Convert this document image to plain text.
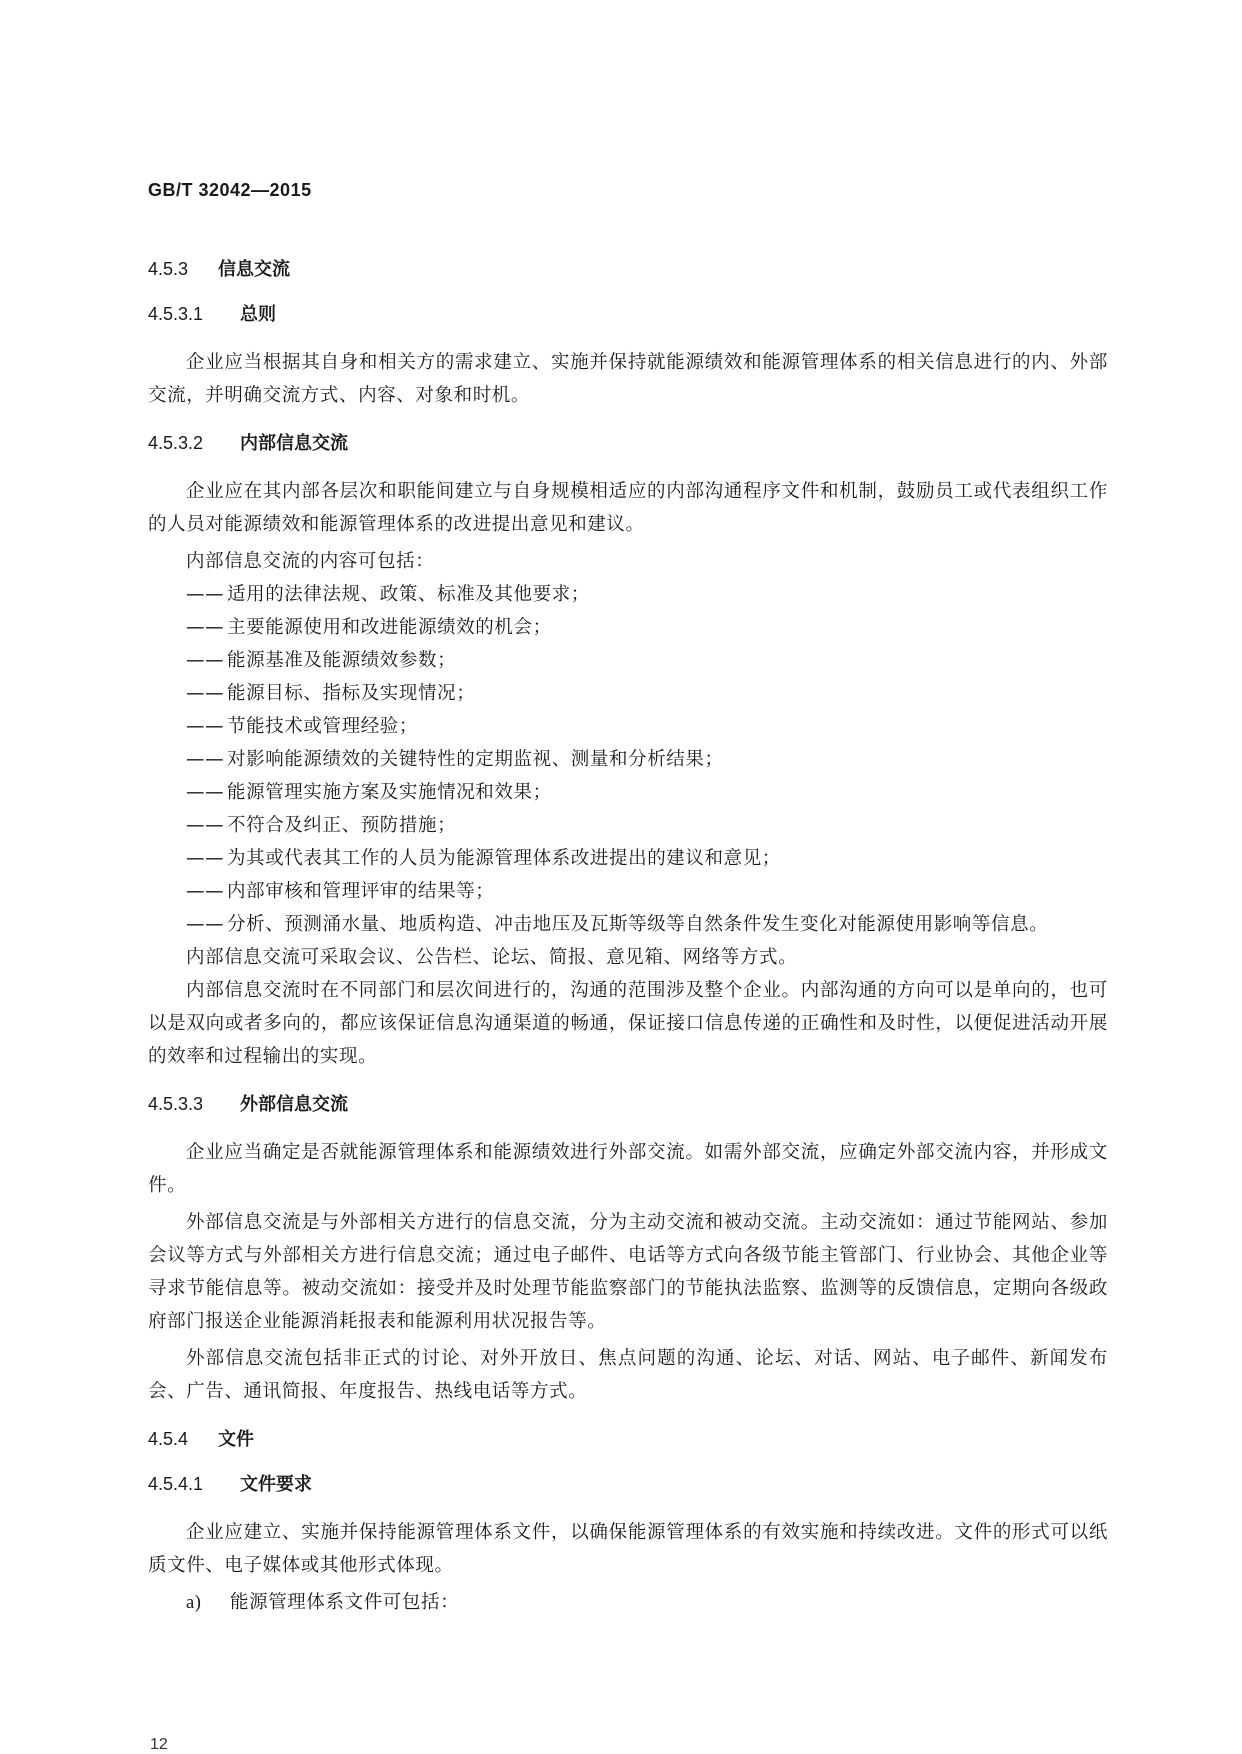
GB/T 32042—2015
4.5.3 信息交流
4.5.3.1 总则

企业应当根据其自身和相关方的需求建立、实施并保持就能源绩效和能源管理体系的相关信息进行的内、外部交流，并明确交流方式、内容、对象和时机。

4.5.3.2 内部信息交流

企业应在其内部各层次和职能间建立与自身规模相适应的内部沟通程序文件和机制，鼓励员工或代表组织工作的人员对能源绩效和能源管理体系的改进提出意见和建议。

内部信息交流的内容可包括：

—— 适用的法律法规、政策、标准及其他要求；
—— 主要能源使用和改进能源绩效的机会；
—— 能源基准及能源绩效参数；
—— 能源目标、指标及实现情况；
—— 节能技术或管理经验；
—— 对影响能源绩效的关键特性的定期监视、测量和分析结果；
—— 能源管理实施方案及实施情况和效果；
—— 不符合及纠正、预防措施；
—— 为其或代表其工作的人员为能源管理体系改进提出的建议和意见；
—— 内部审核和管理评审的结果等；
—— 分析、预测涌水量、地质构造、冲击地压及瓦斯等级等自然条件发生变化对能源使用影响等信息。

内部信息交流可采取会议、公告栏、论坛、简报、意见箱、网络等方式。

内部信息交流时在不同部门和层次间进行的，沟通的范围涉及整个企业。内部沟通的方向可以是单向的，也可以是双向或者多向的，都应该保证信息沟通渠道的畅通，保证接口信息传递的正确性和及时性，以便促进活动开展的效率和过程输出的实现。

4.5.3.3 外部信息交流

企业应当确定是否就能源管理体系和能源绩效进行外部交流。如需外部交流，应确定外部交流内容，并形成文件。

外部信息交流是与外部相关方进行的信息交流，分为主动交流和被动交流。主动交流如：通过节能网站、参加会议等方式与外部相关方进行信息交流；通过电子邮件、电话等方式向各级节能主管部门、行业协会、其他企业等寻求节能信息等。被动交流如：接受并及时处理节能监察部门的节能执法监察、监测等的反馈信息，定期向各级政府部门报送企业能源消耗报表和能源利用状况报告等。

外部信息交流包括非正式的讨论、对外开放日、焦点问题的沟通、论坛、对话、网站、电子邮件、新闻发布会、广告、通讯简报、年度报告、热线电话等方式。

4.5.4 文件
4.5.4.1 文件要求

企业应建立、实施并保持能源管理体系文件，以确保能源管理体系的有效实施和持续改进。文件的形式可以纸质文件、电子媒体或其他形式体现。

a) 能源管理体系文件可包括：

12
